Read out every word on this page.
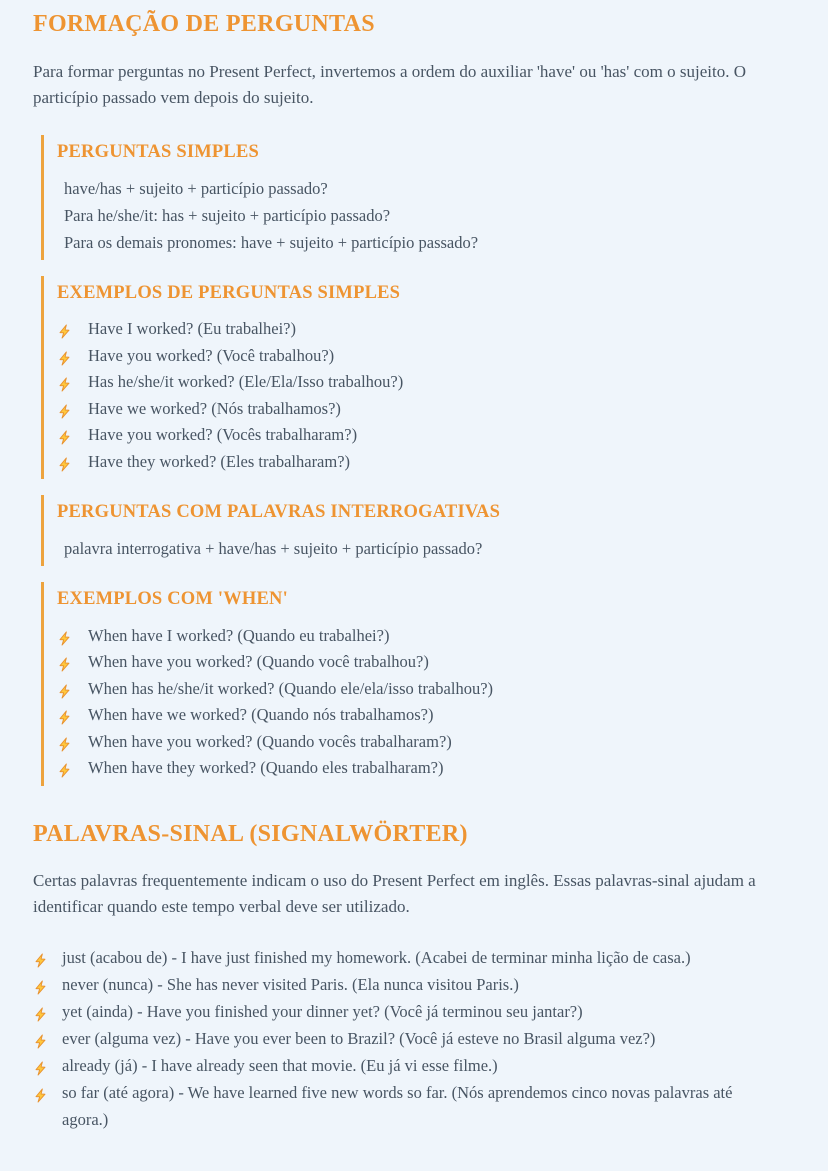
FORMAÇÃO DE PERGUNTAS

Para formar perguntas no Present Perfect, invertemos a ordem do auxiliar 'have' ou 'has' com o sujeito. O particípio passado vem depois do sujeito.

PERGUNTAS SIMPLES
have/has + sujeito + particípio passado?
Para he/she/it: has + sujeito + particípio passado?
Para os demais pronomes: have + sujeito + particípio passado?
EXEMPLOS DE PERGUNTAS SIMPLES
Have I worked? (Eu trabalhei?)
Have you worked? (Você trabalhou?)
Has he/she/it worked? (Ele/Ela/Isso trabalhou?)
Have we worked? (Nós trabalhamos?)
Have you worked? (Vocês trabalharam?)
Have they worked? (Eles trabalharam?)
PERGUNTAS COM PALAVRAS INTERROGATIVAS
palavra interrogativa + have/has + sujeito + particípio passado?
EXEMPLOS COM 'WHEN'
When have I worked? (Quando eu trabalhei?)
When have you worked? (Quando você trabalhou?)
When has he/she/it worked? (Quando ele/ela/isso trabalhou?)
When have we worked? (Quando nós trabalhamos?)
When have you worked? (Quando vocês trabalharam?)
When have they worked? (Quando eles trabalharam?)
PALAVRAS-SINAL (SIGNALWÖRTER)

Certas palavras frequentemente indicam o uso do Present Perfect em inglês. Essas palavras-sinal ajudam a identificar quando este tempo verbal deve ser utilizado.

just (acabou de) - I have just finished my homework. (Acabei de terminar minha lição de casa.)
never (nunca) - She has never visited Paris. (Ela nunca visitou Paris.)
yet (ainda) - Have you finished your dinner yet? (Você já terminou seu jantar?)
ever (alguma vez) - Have you ever been to Brazil? (Você já esteve no Brasil alguma vez?)
already (já) - I have already seen that movie. (Eu já vi esse filme.)
so far (até agora) - We have learned five new words so far. (Nós aprendemos cinco novas palavras até agora.)
